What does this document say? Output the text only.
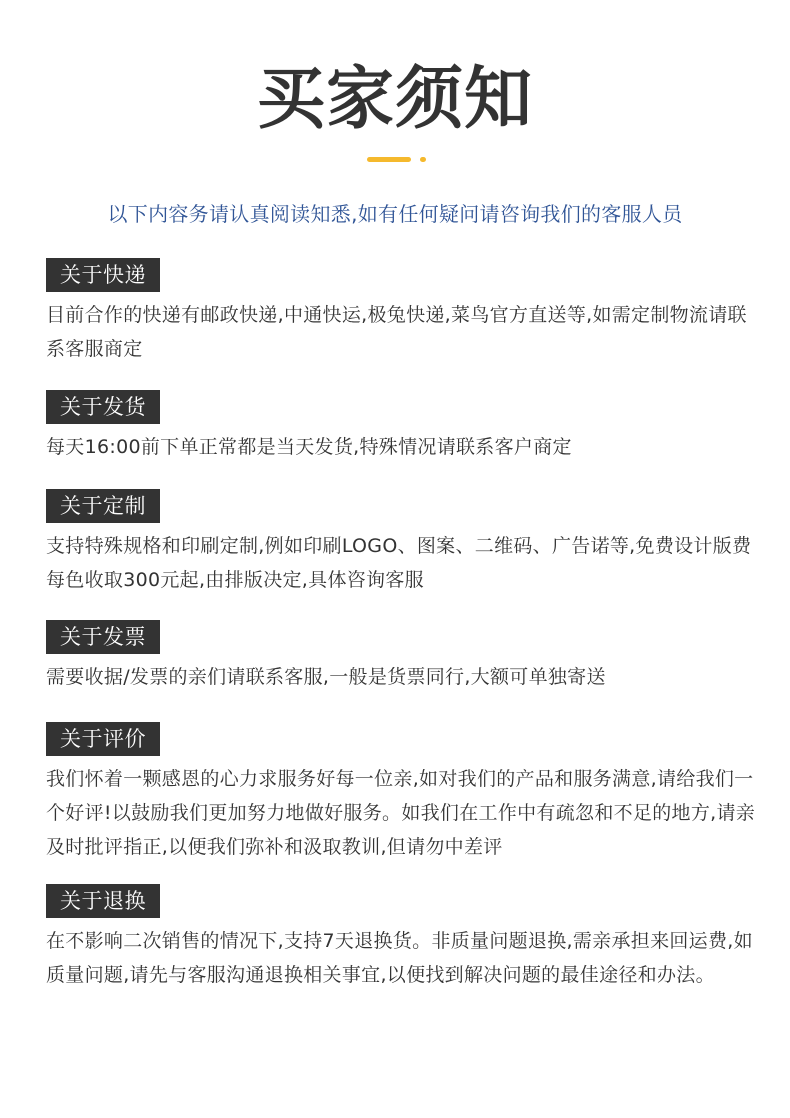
买家须知
以下内容务请认真阅读知悉,如有任何疑问请咨询我们的客服人员
关于快递
目前合作的快递有邮政快递,中通快运,极兔快递,菜鸟官方直送等,如需定制物流请联系客服商定
关于发货
每天16:00前下单正常都是当天发货,特殊情况请联系客户商定
关于定制
支持特殊规格和印刷定制,例如印刷LOGO、图案、二维码、广告诺等,免费设计版费每色收取300元起,由排版决定,具体咨询客服
关于发票
需要收据/发票的亲们请联系客服,一般是货票同行,大额可单独寄送
关于评价
我们怀着一颗感恩的心力求服务好每一位亲,如对我们的产品和服务满意,请给我们一个好评!以鼓励我们更加努力地做好服务。如我们在工作中有疏忽和不足的地方,请亲及时批评指正,以便我们弥补和汲取教训,但请勿中差评
关于退换
在不影响二次销售的情况下,支持7天退换货。非质量问题退换,需亲承担来回运费,如质量问题,请先与客服沟通退换相关事宜,以便找到解决问题的最佳途径和办法。
